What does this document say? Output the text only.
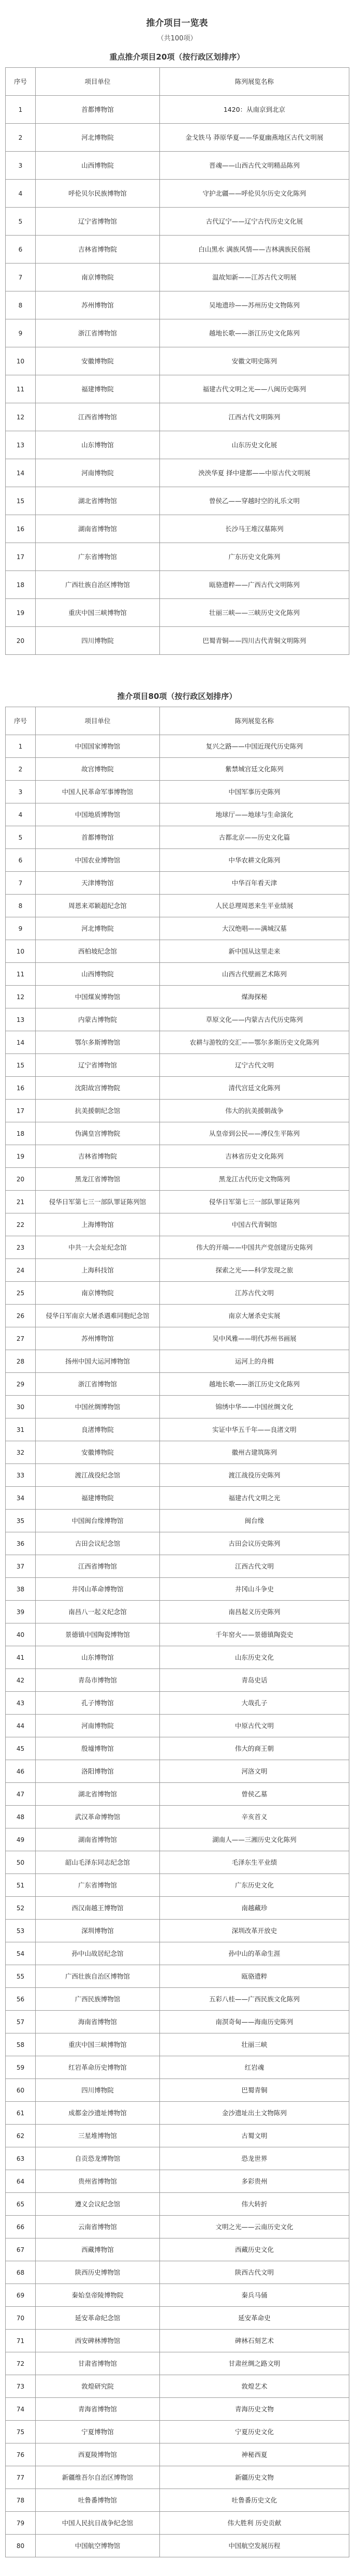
推介项目一览表
（共100项）
重点推介项目20项（按行政区划排序）
序号	项目单位	陈列展览名称
1	首都博物馆	1420：从南京到北京
2	河北博物院	金戈铁马 莽原华夏——华夏幽燕地区古代文明展
3	山西博物院	晋魂——山西古代文明精品陈列
4	呼伦贝尔民族博物馆	守护北疆——呼伦贝尔历史文化陈列
5	辽宁省博物馆	古代辽宁——辽宁古代历史文化展
6	吉林省博物院	白山黑水 满族风情——吉林满族民俗展
7	南京博物院	温故知新——江苏古代文明展
8	苏州博物馆	吴地遗珍——苏州历史文物陈列
9	浙江省博物馆	越地长歌——浙江历史文化陈列
10	安徽博物院	安徽文明史陈列
11	福建博物院	福建古代文明之光——八闽历史陈列
12	江西省博物馆	江西古代文明陈列
13	山东博物馆	山东历史文化展
14	河南博物院	泱泱华夏 择中建都——中原古代文明展
15	湖北省博物馆	曾侯乙——穿越时空的礼乐文明
16	湖南省博物馆	长沙马王堆汉墓陈列
17	广东省博物馆	广东历史文化陈列
18	广西壮族自治区博物馆	瓯骆遗粹——广西古代文明陈列
19	重庆中国三峡博物馆	壮丽三峡——三峡历史文化陈列
20	四川博物院	巴蜀青铜——四川古代青铜文明陈列
推介项目80项（按行政区划排序）
序号	项目单位	陈列展览名称
1	中国国家博物馆	复兴之路——中国近现代历史陈列
2	故宫博物院	紫禁城宫廷文化陈列
3	中国人民革命军事博物馆	中国军事历史陈列
4	中国地质博物馆	地球厅——地球与生命演化
5	首都博物馆	古都北京——历史文化篇
6	中国农业博物馆	中华农耕文化陈列
7	天津博物馆	中华百年看天津
8	周恩来邓颖超纪念馆	人民总理周恩来生平业绩展
9	河北博物院	大汉绝唱——满城汉墓
10	西柏坡纪念馆	新中国从这里走来
11	山西博物院	山西古代壁画艺术陈列
12	中国煤炭博物馆	煤海探秘
13	内蒙古博物院	草原文化——内蒙古古代历史陈列
14	鄂尔多斯博物馆	农耕与游牧的交汇——鄂尔多斯历史文化陈列
15	辽宁省博物馆	辽宁古代文明
16	沈阳故宫博物院	清代宫廷文化陈列
17	抗美援朝纪念馆	伟大的抗美援朝战争
18	伪满皇宫博物院	从皇帝到公民——溥仪生平陈列
19	吉林省博物院	吉林省历史文化陈列
20	黑龙江省博物馆	黑龙江古代历史文物陈列
21	侵华日军第七三一部队罪证陈列馆	侵华日军第七三一部队罪证陈列
22	上海博物馆	中国古代青铜馆
23	中共一大会址纪念馆	伟大的开端——中国共产党创建历史陈列
24	上海科技馆	探索之光——科学发现之旅
25	南京博物院	江苏古代文明
26	侵华日军南京大屠杀遇难同胞纪念馆	南京大屠杀史实展
27	苏州博物馆	吴中风雅——明代苏州书画展
28	扬州中国大运河博物馆	运河上的舟楫
29	浙江省博物馆	越地长歌——浙江历史文化陈列
30	中国丝绸博物馆	锦绣中华——中国丝绸文化
31	良渚博物院	实证中华五千年——良渚文明
32	安徽博物院	徽州古建筑陈列
33	渡江战役纪念馆	渡江战役历史陈列
34	福建博物院	福建古代文明之光
35	中国闽台缘博物馆	闽台缘
36	古田会议纪念馆	古田会议历史陈列
37	江西省博物馆	江西古代文明
38	井冈山革命博物馆	井冈山斗争史
39	南昌八一起义纪念馆	南昌起义历史陈列
40	景德镇中国陶瓷博物馆	千年窑火——景德镇陶瓷史
41	山东博物馆	山东历史文化
42	青岛市博物馆	青岛史话
43	孔子博物馆	大哉孔子
44	河南博物院	中原古代文明
45	殷墟博物馆	伟大的商王朝
46	洛阳博物馆	河洛文明
47	湖北省博物馆	曾侯乙墓
48	武汉革命博物馆	辛亥首义
49	湖南省博物馆	湖南人——三湘历史文化陈列
50	韶山毛泽东同志纪念馆	毛泽东生平业绩
51	广东省博物馆	广东历史文化
52	西汉南越王博物馆	南越藏珍
53	深圳博物馆	深圳改革开放史
54	孙中山故居纪念馆	孙中山的革命生涯
55	广西壮族自治区博物馆	瓯骆遗粹
56	广西民族博物馆	五彩八桂——广西民族文化陈列
57	海南省博物馆	南溟奇甸——海南历史陈列
58	重庆中国三峡博物馆	壮丽三峡
59	红岩革命历史博物馆	红岩魂
60	四川博物院	巴蜀青铜
61	成都金沙遗址博物馆	金沙遗址出土文物陈列
62	三星堆博物馆	古蜀文明
63	自贡恐龙博物馆	恐龙世界
64	贵州省博物馆	多彩贵州
65	遵义会议纪念馆	伟大转折
66	云南省博物馆	文明之光——云南历史文化
67	西藏博物馆	西藏历史文化
68	陕西历史博物馆	陕西古代文明
69	秦始皇帝陵博物院	秦兵马俑
70	延安革命纪念馆	延安革命史
71	西安碑林博物馆	碑林石刻艺术
72	甘肃省博物馆	甘肃丝绸之路文明
73	敦煌研究院	敦煌艺术
74	青海省博物馆	青海历史文物
75	宁夏博物馆	宁夏历史文化
76	西夏陵博物馆	神秘西夏
77	新疆维吾尔自治区博物馆	新疆历史文物
78	吐鲁番博物馆	吐鲁番历史文化
79	中国人民抗日战争纪念馆	伟大胜利 历史贡献
80	中国航空博物馆	中国航空发展历程
